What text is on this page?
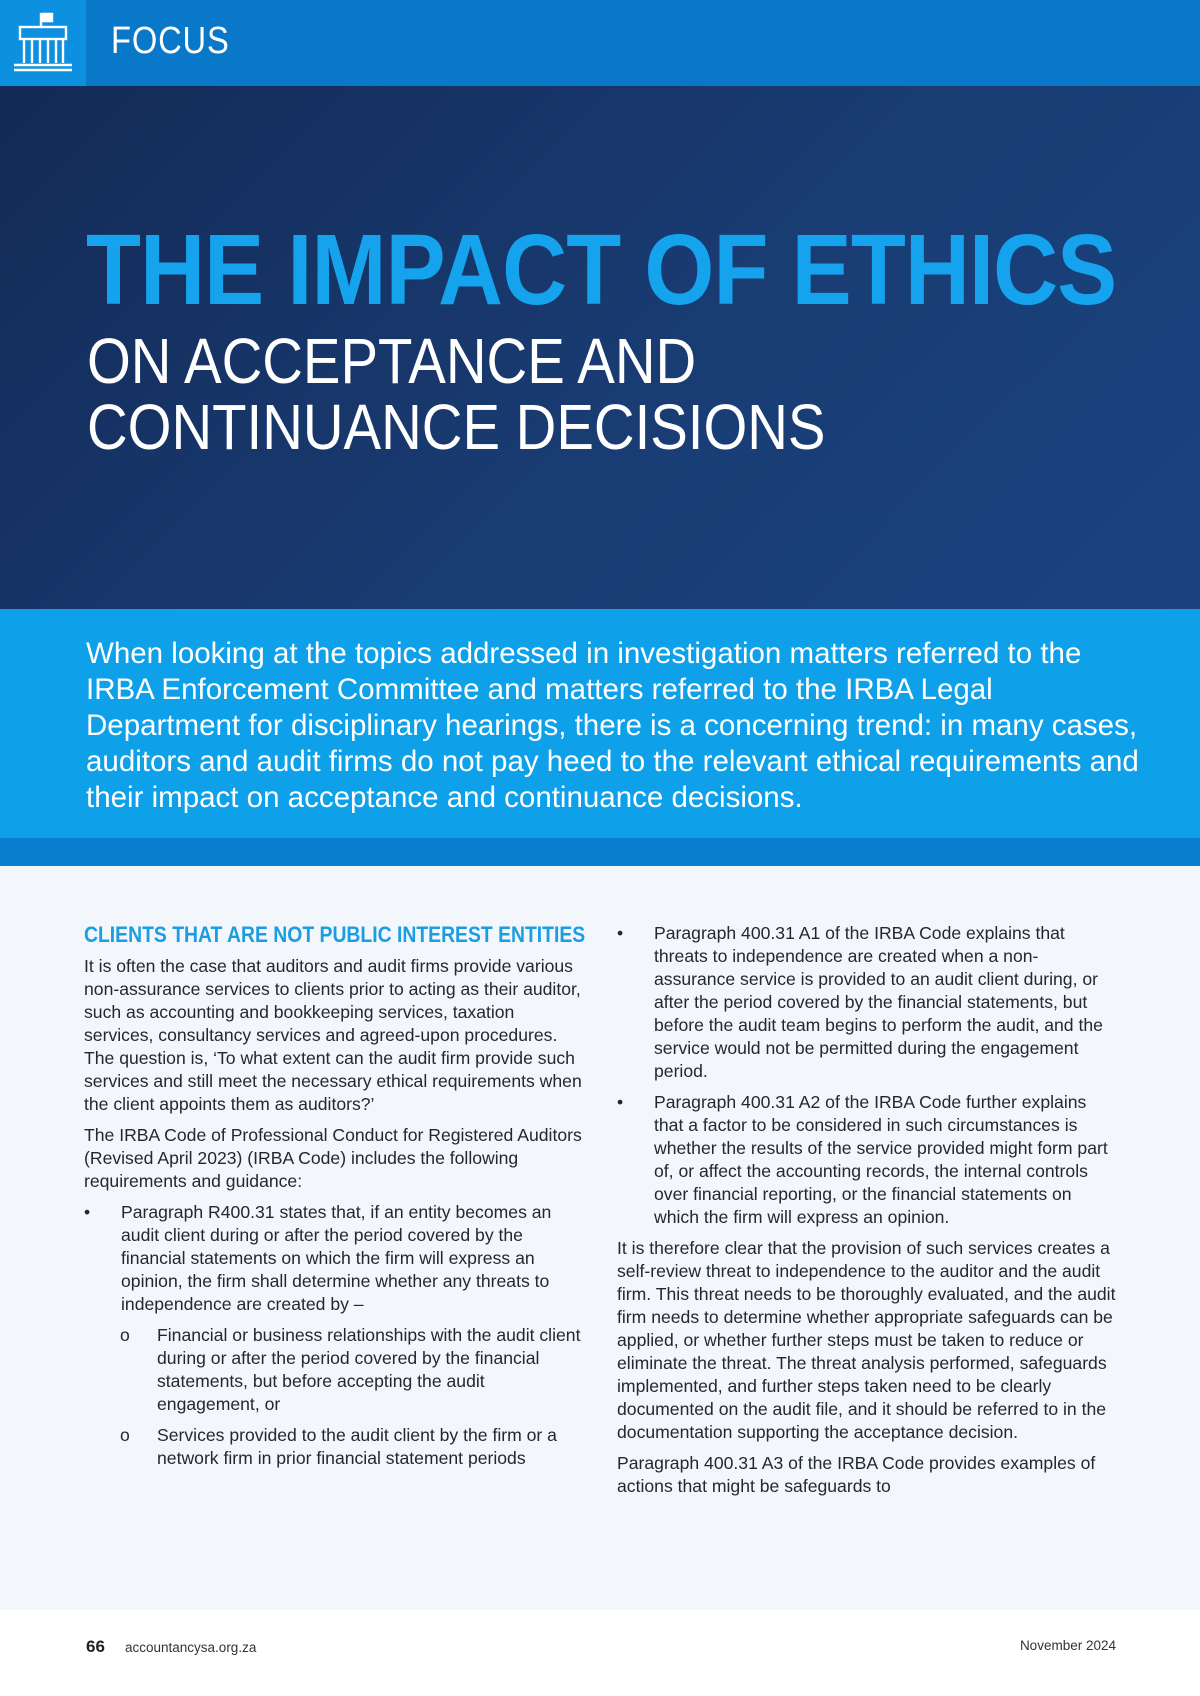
FOCUS
THE IMPACT OF ETHICS
ON ACCEPTANCE AND CONTINUANCE DECISIONS
When looking at the topics addressed in investigation matters referred to the IRBA Enforcement Committee and matters referred to the IRBA Legal Department for disciplinary hearings, there is a concerning trend: in many cases, auditors and audit firms do not pay heed to the relevant ethical requirements and their impact on acceptance and continuance decisions.
CLIENTS THAT ARE NOT PUBLIC INTEREST ENTITIES

It is often the case that auditors and audit firms provide various non-assurance services to clients prior to acting as their auditor, such as accounting and bookkeeping services, taxation services, consultancy services and agreed-upon procedures. The question is, ‘To what extent can the audit firm provide such services and still meet the necessary ethical requirements when the client appoints them as auditors?’

The IRBA Code of Professional Conduct for Registered Auditors (Revised April 2023) (IRBA Code) includes the following requirements and guidance:

• Paragraph R400.31 states that, if an entity becomes an audit client during or after the period covered by the financial statements on which the firm will express an opinion, the firm shall determine whether any threats to independence are created by –
o Financial or business relationships with the audit client during or after the period covered by the financial statements, but before accepting the audit engagement, or
o Services provided to the audit client by the firm or a network firm in prior financial statement periods
• Paragraph 400.31 A1 of the IRBA Code explains that threats to independence are created when a non-assurance service is provided to an audit client during, or after the period covered by the financial statements, but before the audit team begins to perform the audit, and the service would not be permitted during the engagement period.
• Paragraph 400.31 A2 of the IRBA Code further explains that a factor to be considered in such circumstances is whether the results of the service provided might form part of, or affect the accounting records, the internal controls over financial reporting, or the financial statements on which the firm will express an opinion.

It is therefore clear that the provision of such services creates a self-review threat to independence to the auditor and the audit firm. This threat needs to be thoroughly evaluated, and the audit firm needs to determine whether appropriate safeguards can be applied, or whether further steps must be taken to reduce or eliminate the threat. The threat analysis performed, safeguards implemented, and further steps taken need to be clearly documented on the audit file, and it should be referred to in the documentation supporting the acceptance decision.

Paragraph 400.31 A3 of the IRBA Code provides examples of actions that might be safeguards to

66 accountancysa.org.za	November 2024
